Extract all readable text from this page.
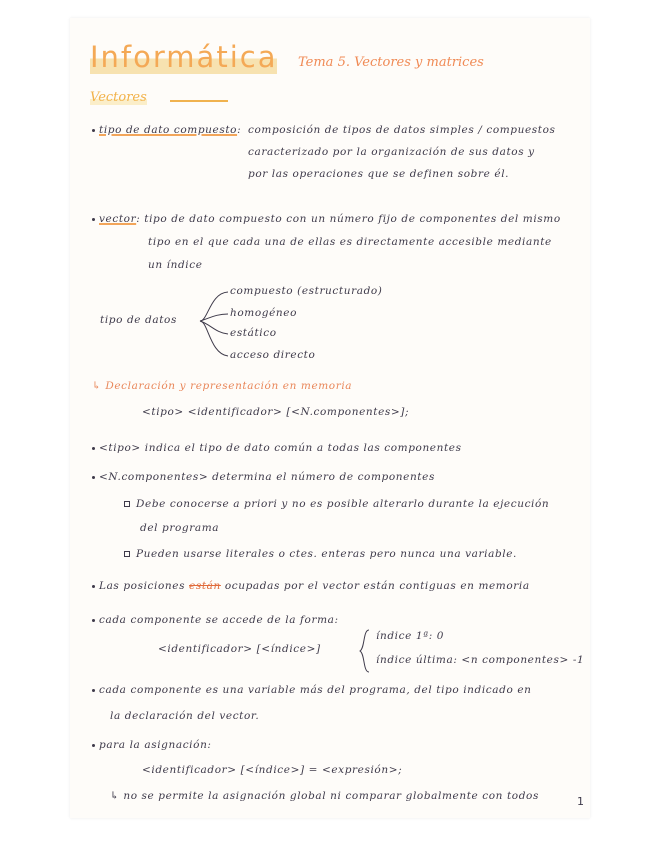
Informática Tema 5. Vectores y matrices
Vectores
tipo de dato compuesto: composición de tipos de datos simples / compuestos
caracterizado por la organización de sus datos y
por las operaciones que se definen sobre él.
vector: tipo de dato compuesto con un número fijo de componentes del mismo
tipo en el que cada una de ellas es directamente accesible mediante
un índice
tipo de datos
compuesto (estructurado)
homogéneo
estático
acceso directo
↳ Declaración y representación en memoria
<tipo> <identificador> [<N.componentes>];
<tipo> indica el tipo de dato común a todas las componentes
<N.componentes> determina el número de componentes
Debe conocerse a priori y no es posible alterarlo durante la ejecución
del programa
Pueden usarse literales o ctes. enteras pero nunca una variable.
Las posiciones están ocupadas por el vector están contiguas en memoria
cada componente se accede de la forma:
<identificador> [<índice>]
índice 1ª: 0
índice última: <n componentes> -1
cada componente es una variable más del programa, del tipo indicado en
la declaración del vector.
para la asignación:
<identificador> [<índice>] = <expresión>;
↳ no se permite la asignación global ni comparar globalmente con todos	1
